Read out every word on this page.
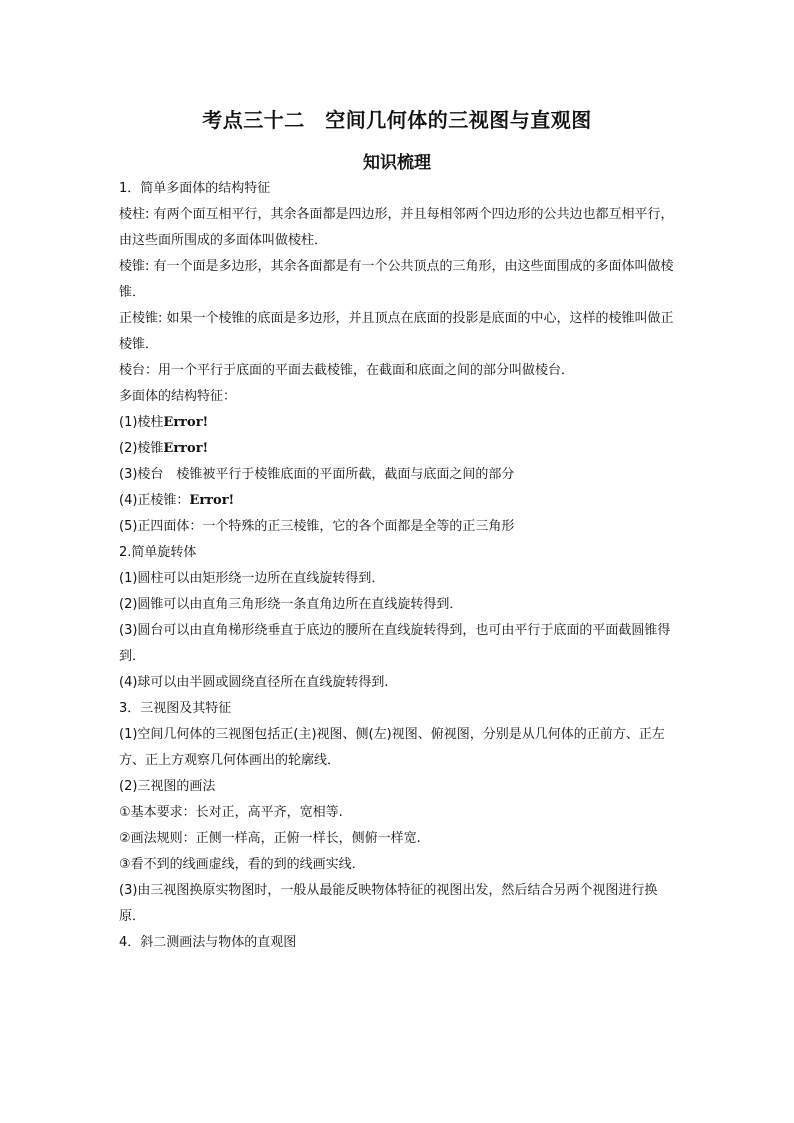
考点三十二　空间几何体的三视图与直观图
知识梳理

1．简单多面体的结构特征

棱柱: 有两个面互相平行，其余各面都是四边形，并且每相邻两个四边形的公共边也都互相平行，由这些面所围成的多面体叫做棱柱．

棱锥: 有一个面是多边形，其余各面都是有一个公共顶点的三角形，由这些面围成的多面体叫做棱锥．

正棱锥: 如果一个棱锥的底面是多边形，并且顶点在底面的投影是底面的中心，这样的棱锥叫做正棱锥．

棱台：用一个平行于底面的平面去截棱锥，在截面和底面之间的部分叫做棱台．

多面体的结构特征：

(1)棱柱Error!

(2)棱锥Error!

(3)棱台　棱锥被平行于棱锥底面的平面所截，截面与底面之间的部分

(4)正棱锥：Error!

(5)正四面体：一个特殊的正三棱锥，它的各个面都是全等的正三角形

2.简单旋转体

(1)圆柱可以由矩形绕一边所在直线旋转得到．

(2)圆锥可以由直角三角形绕一条直角边所在直线旋转得到．

(3)圆台可以由直角梯形绕垂直于底边的腰所在直线旋转得到，也可由平行于底面的平面截圆锥得到．

(4)球可以由半圆或圆绕直径所在直线旋转得到.

3．三视图及其特征

(1)空间几何体的三视图包括正(主)视图、侧(左)视图、俯视图，分别是从几何体的正前方、正左方、正上方观察几何体画出的轮廓线．

(2)三视图的画法

①基本要求：长对正，高平齐，宽相等.

②画法规则：正侧一样高，正俯一样长，侧俯一样宽.

③看不到的线画虚线，看的到的线画实线．

(3)由三视图换原实物图时，一般从最能反映物体特征的视图出发，然后结合另两个视图进行换原．

4．斜二测画法与物体的直观图
